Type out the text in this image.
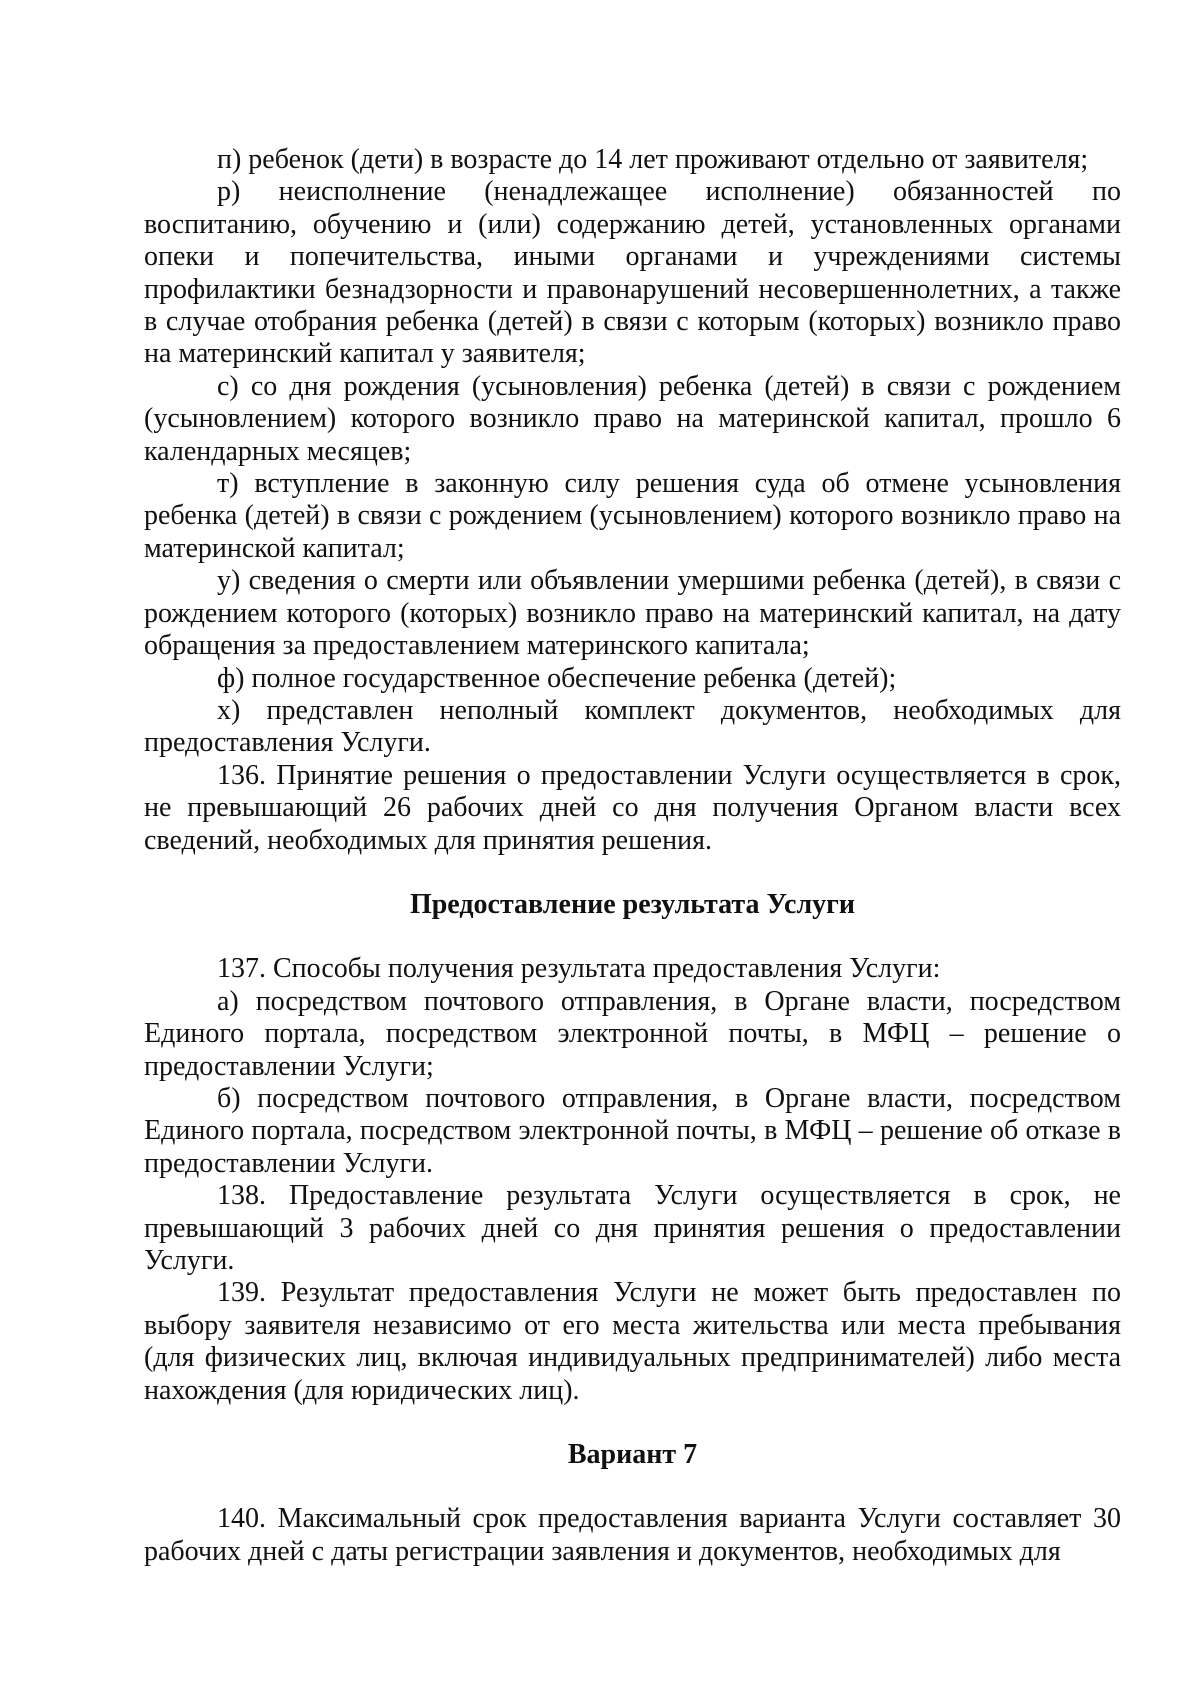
п) ребенок (дети) в возрасте до 14 лет проживают отдельно от заявителя;

р) неисполнение (ненадлежащее исполнение) обязанностей по воспитанию, обучению и (или) содержанию детей, установленных органами опеки и попечительства, иными органами и учреждениями системы профилактики безнадзорности и правонарушений несовершеннолетних, а также в случае отобрания ребенка (детей) в связи с которым (которых) возникло право на материнский капитал у заявителя;

с) со дня рождения (усыновления) ребенка (детей) в связи с рождением (усыновлением) которого возникло право на материнской капитал, прошло 6 календарных месяцев;

т) вступление в законную силу решения суда об отмене усыновления ребенка (детей) в связи с рождением (усыновлением) которого возникло право на материнской капитал;

у) сведения о смерти или объявлении умершими ребенка (детей), в связи с рождением которого (которых) возникло право на материнский капитал, на дату обращения за предоставлением материнского капитала;

ф) полное государственное обеспечение ребенка (детей);

х) представлен неполный комплект документов, необходимых для предоставления Услуги.

136. Принятие решения о предоставлении Услуги осуществляется в срок, не превышающий 26 рабочих дней со дня получения Органом власти всех сведений, необходимых для принятия решения.

Предоставление результата Услуги

137. Способы получения результата предоставления Услуги:

а) посредством почтового отправления, в Органе власти, посредством Единого портала, посредством электронной почты, в МФЦ – решение о предоставлении Услуги;

б) посредством почтового отправления, в Органе власти, посредством Единого портала, посредством электронной почты, в МФЦ – решение об отказе в предоставлении Услуги.

138. Предоставление результата Услуги осуществляется в срок, не превышающий 3 рабочих дней со дня принятия решения о предоставлении Услуги.

139. Результат предоставления Услуги не может быть предоставлен по выбору заявителя независимо от его места жительства или места пребывания (для физических лиц, включая индивидуальных предпринимателей) либо места нахождения (для юридических лиц).

Вариант 7

140. Максимальный срок предоставления варианта Услуги составляет 30 рабочих дней с даты регистрации заявления и документов, необходимых для
